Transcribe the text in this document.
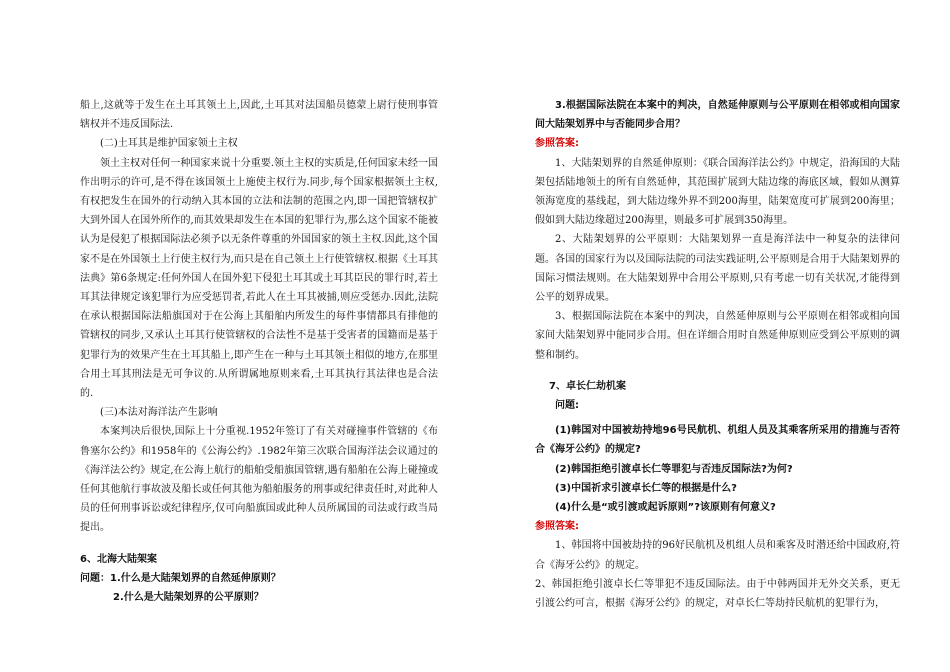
船上,这就等于发生在土耳其领土上,因此,土耳其对法国船员德蒙上尉行使刑事管辖权并不违反国际法.

(二)土耳其是维护国家领土主权

领土主权对任何一种国家来说十分重要.领土主权的实质是,任何国家未经一国作出明示的许可,是不得在该国领土上施使主权行为.同步,每个国家根据领土主权,有权把发生在国外的行动纳入其本国的立法和法制的范围之内,即一国把管辖权扩大到外国人在国外所作的,而其效果却发生在本国的犯罪行为,那么这个国家不能被认为是侵犯了根据国际法必须予以无条件尊重的外国国家的领土主权.因此,这个国家不是在外国领土上行使主权行为,而只是在自己领土上行使管辖权.根据《土耳其法典》第6条规定:任何外国人在国外犯下侵犯土耳其或土耳其臣民的罪行时,若土耳其法律规定该犯罪行为应受惩罚者,若此人在土耳其被捕,则应受惩办.因此,法院在承认根据国际法船旗国对于在公海上其船舶内所发生的每件事情都具有排他的管辖权的同步,又承认土耳其行使管辖权的合法性不是基于受害者的国籍而是基于犯罪行为的效果产生在土耳其船上,即产生在一种与土耳其领土相似的地方,在那里合用土耳其刑法是无可争议的.从所谓属地原则来看,土耳其执行其法律也是合法的.

(三)本法对海洋法产生影响

本案判决后很快,国际上十分重视.1952年签订了有关对碰撞事件管辖的《布鲁塞尔公约》和1958年的《公海公约》.1982年第三次联合国海洋法会议通过的《海洋法公约》规定,在公海上航行的船舶受船旗国管辖,遇有船舶在公海上碰撞或任何其他航行事故波及船长或任何其他为船舶服务的刑事或纪律责任时,对此种人员的任何刑事诉讼或纪律程序,仅可向船旗国或此种人员所属国的司法或行政当局提出。

6、北海大陆架案

问题：1.什么是大陆架划界的自然延伸原则？

2.什么是大陆架划界的公平原则？

3.根据国际法院在本案中的判决，自然延伸原则与公平原则在相邻或相向国家间大陆架划界中与否能同步合用？

参照答案:

1、大陆架划界的自然延伸原则：《联合国海洋法公约》中规定，沿海国的大陆架包括陆地领土的所有自然延伸，其范围扩展到大陆边缘的海底区域，假如从测算领海宽度的基线起，到大陆边缘外界不到200海里，陆架宽度可扩展到200海里；假如到大陆边缘超过200海里，则最多可扩展到350海里。

2、大陆架划界的公平原则：大陆架划界一直是海洋法中一种复杂的法律问题。各国的国家行为以及国际法院的司法实践证明,公平原则是合用于大陆架划界的国际习惯法规则。在大陆架划界中合用公平原则,只有考虑一切有关状况,才能得到公平的划界成果。

3、根据国际法院在本案中的判决，自然延伸原则与公平原则在相邻或相向国家间大陆架划界中能同步合用。但在详细合用时自然延伸原则应受到公平原则的调整和制约。

7、卓长仁劫机案

问题:

(1)韩国对中国被劫持地96号民航机、机组人员及其乘客所采用的措施与否符合《海牙公约》的规定?

(2)韩国拒绝引渡卓长仁等罪犯与否违反国际法?为何?

(3)中国祈求引渡卓长仁等的根据是什么?

(4)什么是“或引渡或起诉原则”?该原则有何意义?

参照答案:

1、韩国将中国被劫持的96好民航机及机组人员和乘客及时潜还给中国政府,符合《海牙公约》的规定。

2、韩国拒绝引渡卓长仁等罪犯不违反国际法。由于中韩两国并无外交关系，更无引渡公约可言，根据《海牙公约》的规定，对卓长仁等劫持民航机的犯罪行为，
